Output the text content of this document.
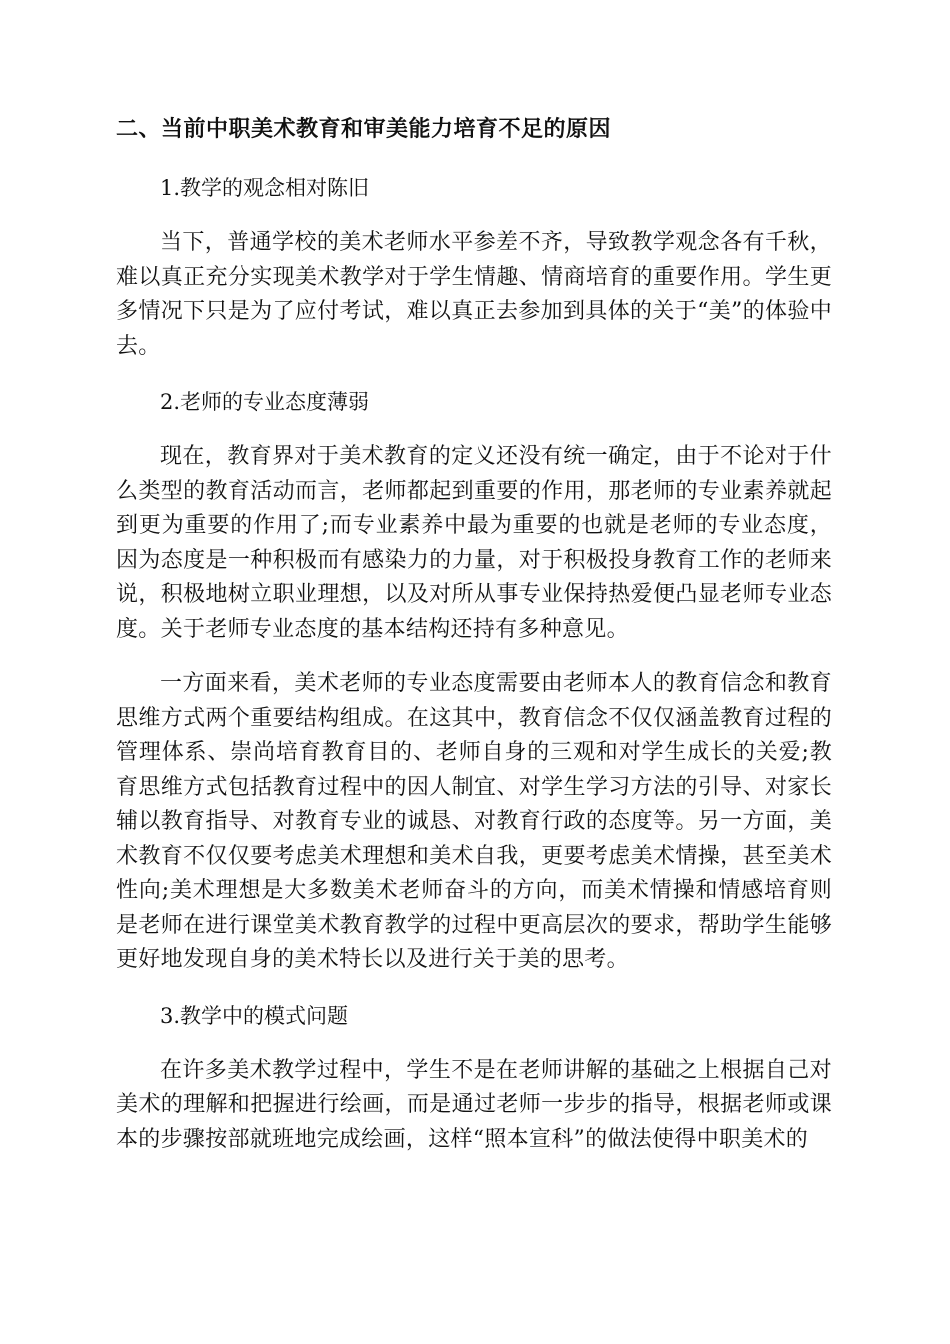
二、当前中职美术教育和审美能力培育不足的原因
1.教学的观念相对陈旧

当下，普通学校的美术老师水平参差不齐，导致教学观念各有千秋，难以真正充分实现美术教学对于学生情趣、情商培育的重要作用。学生更多情况下只是为了应付考试，难以真正去参加到具体的关于“美”的体验中去。

2.老师的专业态度薄弱

现在，教育界对于美术教育的定义还没有统一确定，由于不论对于什么类型的教育活动而言，老师都起到重要的作用，那老师的专业素养就起到更为重要的作用了;而专业素养中最为重要的也就是老师的专业态度，因为态度是一种积极而有感染力的力量，对于积极投身教育工作的老师来说，积极地树立职业理想，以及对所从事专业保持热爱便凸显老师专业态度。关于老师专业态度的基本结构还持有多种意见。

一方面来看，美术老师的专业态度需要由老师本人的教育信念和教育思维方式两个重要结构组成。在这其中，教育信念不仅仅涵盖教育过程的管理体系、崇尚培育教育目的、老师自身的三观和对学生成长的关爱;教育思维方式包括教育过程中的因人制宜、对学生学习方法的引导、对家长辅以教育指导、对教育专业的诚恳、对教育行政的态度等。另一方面，美术教育不仅仅要考虑美术理想和美术自我，更要考虑美术情操，甚至美术性向;美术理想是大多数美术老师奋斗的方向，而美术情操和情感培育则是老师在进行课堂美术教育教学的过程中更高层次的要求，帮助学生能够更好地发现自身的美术特长以及进行关于美的思考。

3.教学中的模式问题

在许多美术教学过程中，学生不是在老师讲解的基础之上根据自己对美术的理解和把握进行绘画，而是通过老师一步步的指导，根据老师或课本的步骤按部就班地完成绘画，这样“照本宣科”的做法使得中职美术的
